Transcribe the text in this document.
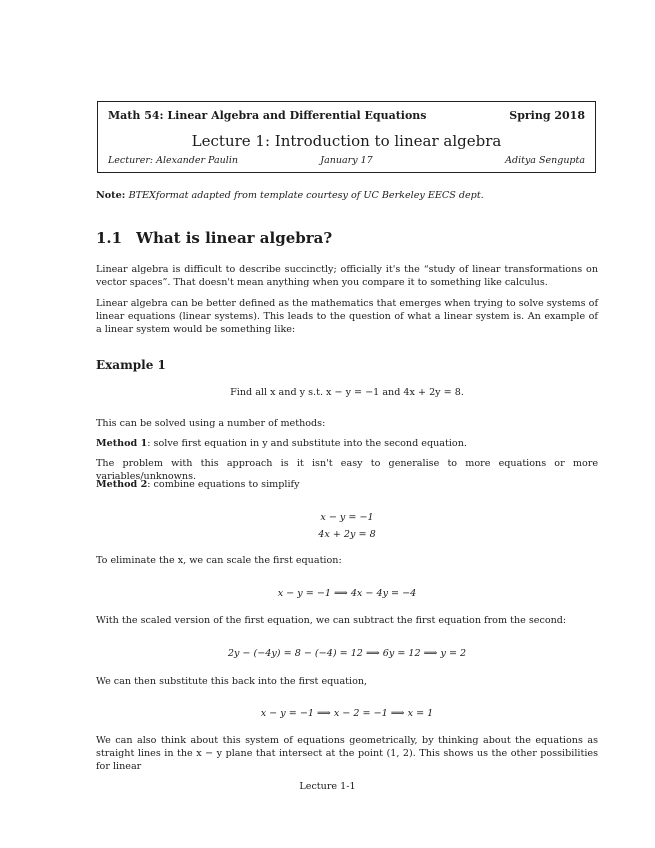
Math 54: Linear Algebra and Differential Equations	Spring 2018
Lecture 1: Introduction to linear algebra
Lecturer: Alexander Paulin	January 17	Aditya Sengupta
Note: BTEXformat adapted from template courtesy of UC Berkeley EECS dept.
1.1 What is linear algebra?
Linear algebra is difficult to describe succinctly; officially it's the “study of linear transformations on vector spaces”. That doesn't mean anything when you compare it to something like calculus.
Linear algebra can be better defined as the mathematics that emerges when trying to solve systems of linear equations (linear systems). This leads to the question of what a linear system is. An example of a linear system would be something like:
Example 1
Find all x and y s.t. x − y = −1 and 4x + 2y = 8.
This can be solved using a number of methods:
Method 1: solve first equation in y and substitute into the second equation.
The problem with this approach is it isn't easy to generalise to more equations or more variables/unknowns.
Method 2: combine equations to simplify
x − y = −1
4x + 2y = 8
To eliminate the x, we can scale the first equation:
x − y = −1 ⟹ 4x − 4y = −4
With the scaled version of the first equation, we can subtract the first equation from the second:
2y − (−4y) = 8 − (−4) = 12 ⟹ 6y = 12 ⟹ y = 2
We can then substitute this back into the first equation,
x − y = −1 ⟹ x − 2 = −1 ⟹ x = 1
We can also think about this system of equations geometrically, by thinking about the equations as straight lines in the x − y plane that intersect at the point (1, 2). This shows us the other possibilities for linear
Lecture 1-1
